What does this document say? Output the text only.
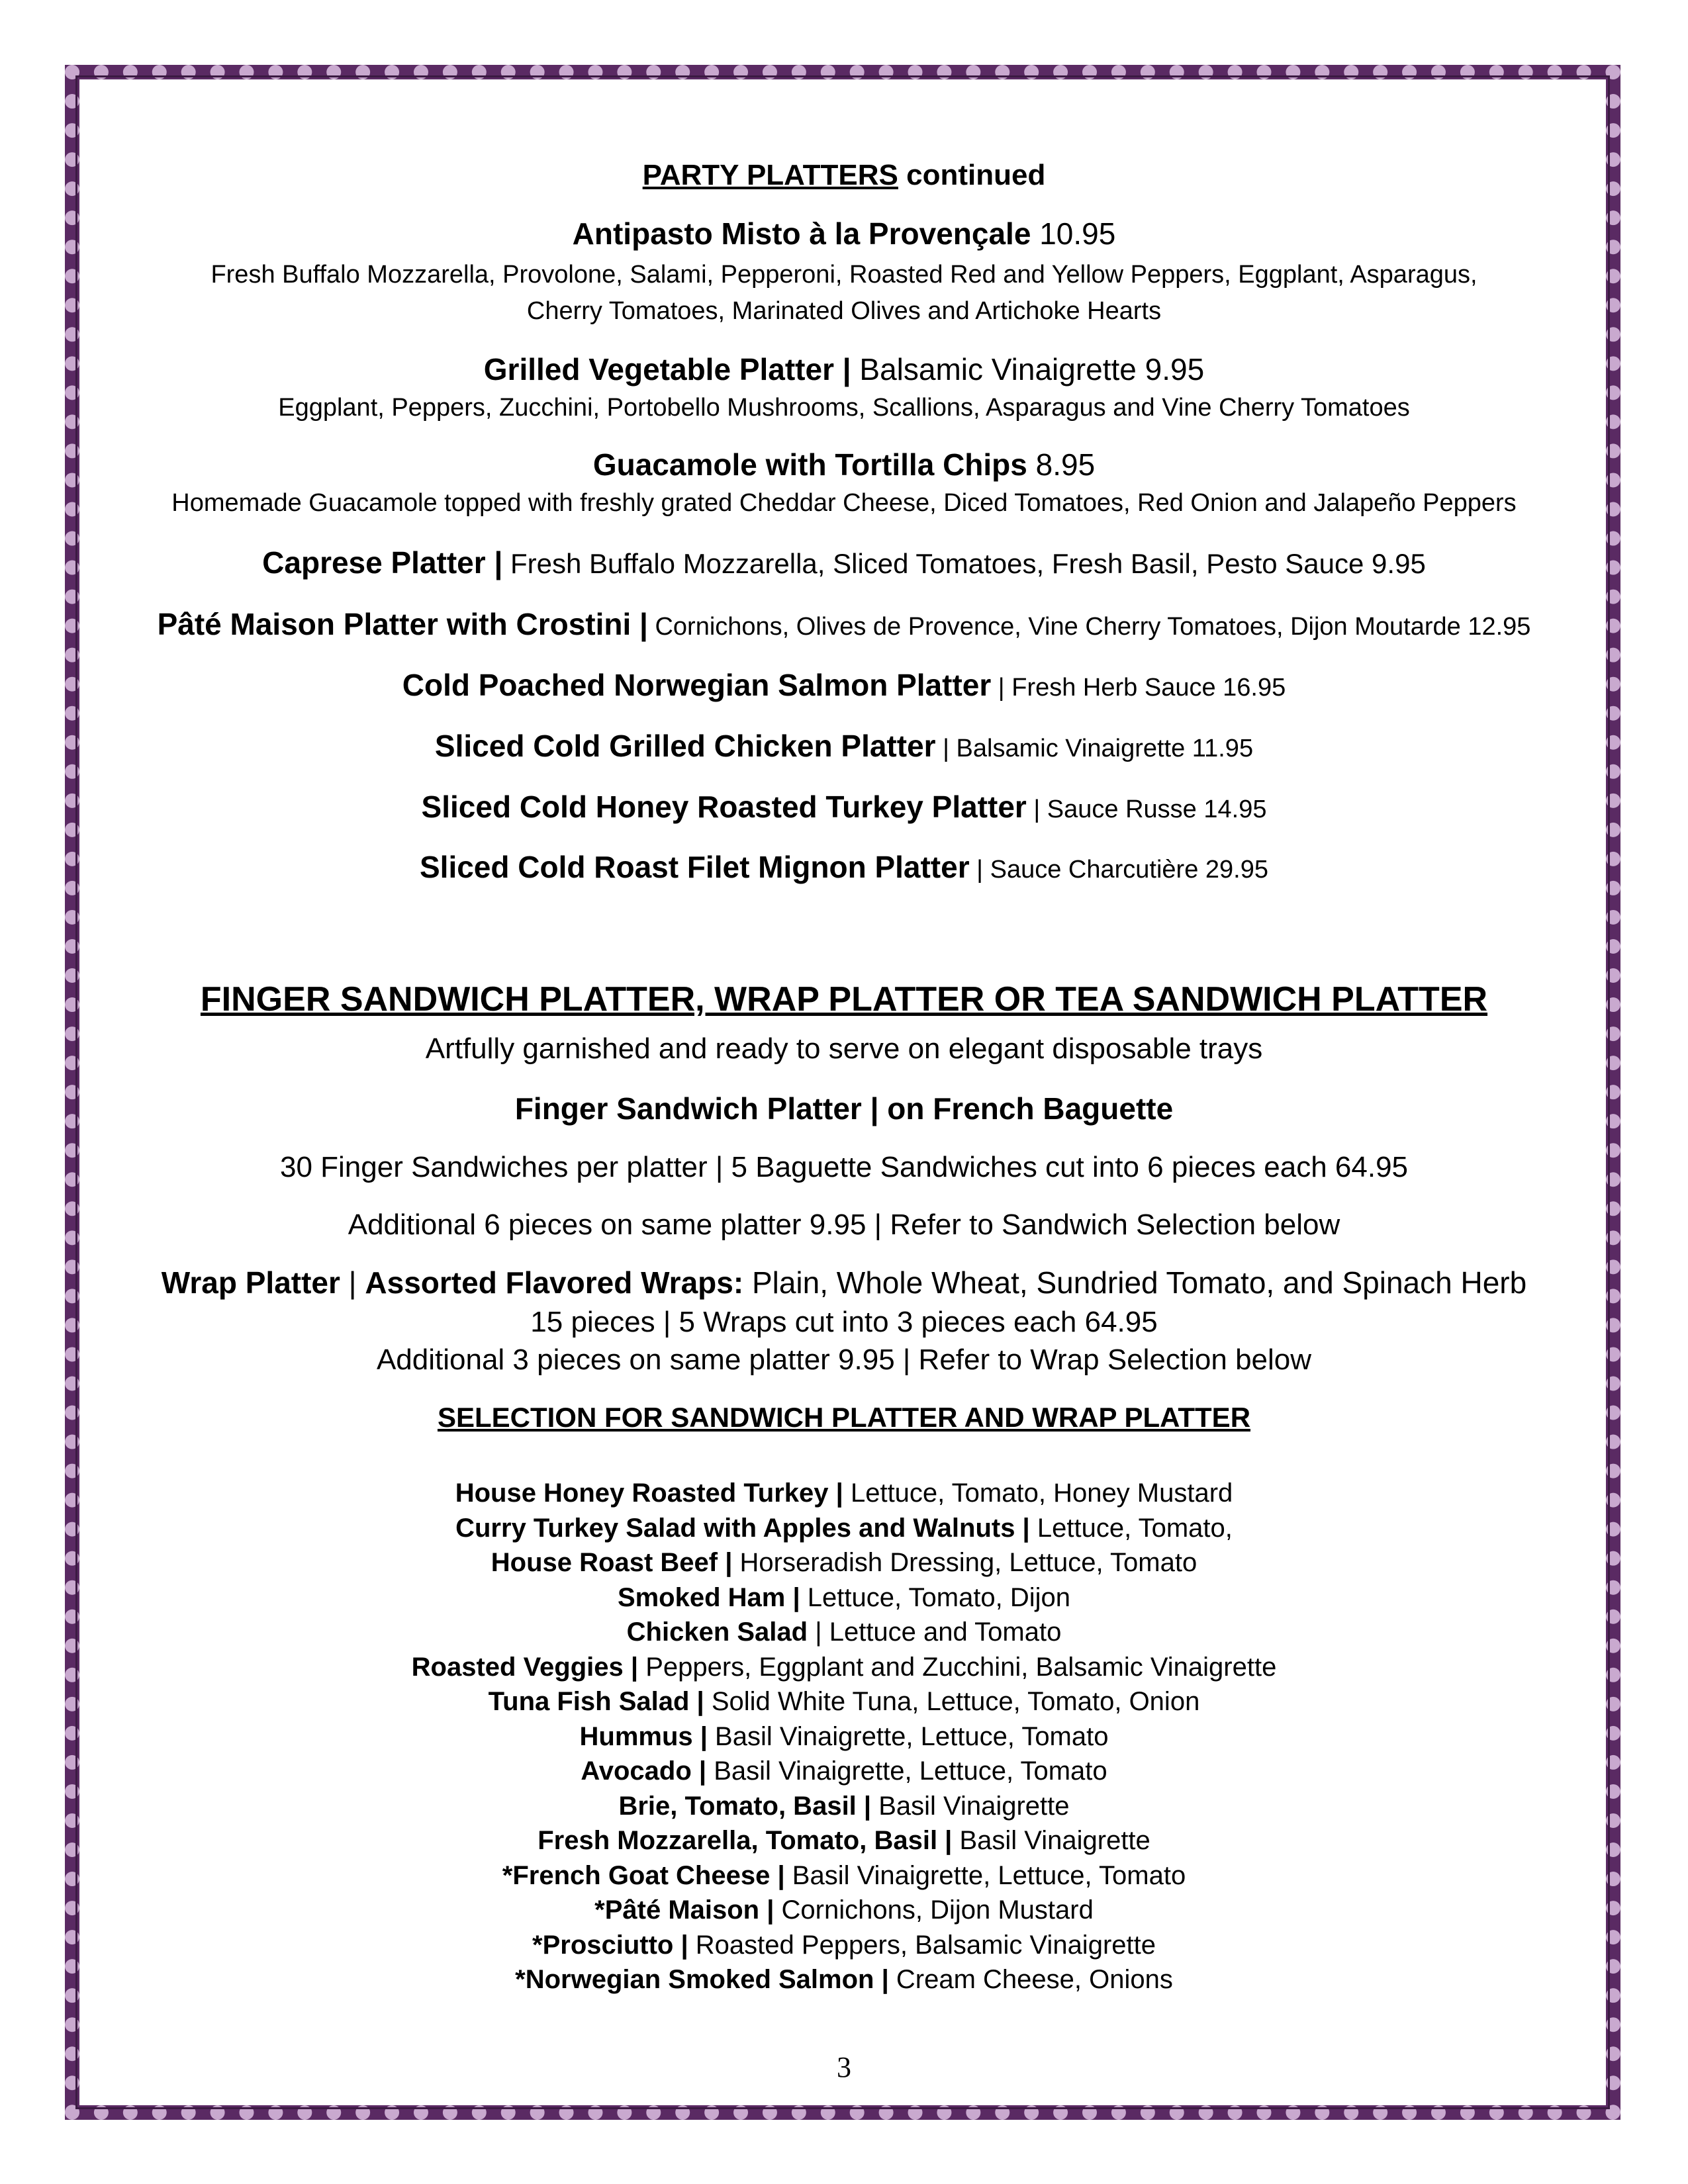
PARTY PLATTERS continued
Antipasto Misto à la Provençale 10.95
Fresh Buffalo Mozzarella, Provolone, Salami, Pepperoni, Roasted Red and Yellow Peppers, Eggplant, Asparagus,
Cherry Tomatoes, Marinated Olives and Artichoke Hearts
Grilled Vegetable Platter | Balsamic Vinaigrette 9.95
Eggplant, Peppers, Zucchini, Portobello Mushrooms, Scallions, Asparagus and Vine Cherry Tomatoes
Guacamole with Tortilla Chips 8.95
Homemade Guacamole topped with freshly grated Cheddar Cheese, Diced Tomatoes, Red Onion and Jalapeño Peppers
Caprese Platter | Fresh Buffalo Mozzarella, Sliced Tomatoes, Fresh Basil, Pesto Sauce 9.95
Pâté Maison Platter with Crostini | Cornichons, Olives de Provence, Vine Cherry Tomatoes, Dijon Moutarde 12.95
Cold Poached Norwegian Salmon Platter | Fresh Herb Sauce 16.95
Sliced Cold Grilled Chicken Platter | Balsamic Vinaigrette 11.95
Sliced Cold Honey Roasted Turkey Platter | Sauce Russe 14.95
Sliced Cold Roast Filet Mignon Platter | Sauce Charcutière 29.95
FINGER SANDWICH PLATTER, WRAP PLATTER OR TEA SANDWICH PLATTER
Artfully garnished and ready to serve on elegant disposable trays
Finger Sandwich Platter | on French Baguette
30 Finger Sandwiches per platter | 5 Baguette Sandwiches cut into 6 pieces each 64.95
Additional 6 pieces on same platter 9.95 | Refer to Sandwich Selection below
Wrap Platter | Assorted Flavored Wraps: Plain, Whole Wheat, Sundried Tomato, and Spinach Herb
15 pieces | 5 Wraps cut into 3 pieces each 64.95
Additional 3 pieces on same platter 9.95 | Refer to Wrap Selection below
SELECTION FOR SANDWICH PLATTER AND WRAP PLATTER
House Honey Roasted Turkey | Lettuce, Tomato, Honey Mustard
Curry Turkey Salad with Apples and Walnuts | Lettuce, Tomato,
House Roast Beef | Horseradish Dressing, Lettuce, Tomato
Smoked Ham | Lettuce, Tomato, Dijon
Chicken Salad | Lettuce and Tomato
Roasted Veggies | Peppers, Eggplant and Zucchini, Balsamic Vinaigrette
Tuna Fish Salad | Solid White Tuna, Lettuce, Tomato, Onion
Hummus | Basil Vinaigrette, Lettuce, Tomato
Avocado | Basil Vinaigrette, Lettuce, Tomato
Brie, Tomato, Basil | Basil Vinaigrette
Fresh Mozzarella, Tomato, Basil | Basil Vinaigrette
*French Goat Cheese | Basil Vinaigrette, Lettuce, Tomato
*Pâté Maison | Cornichons, Dijon Mustard
*Prosciutto | Roasted Peppers, Balsamic Vinaigrette
*Norwegian Smoked Salmon | Cream Cheese, Onions
3
